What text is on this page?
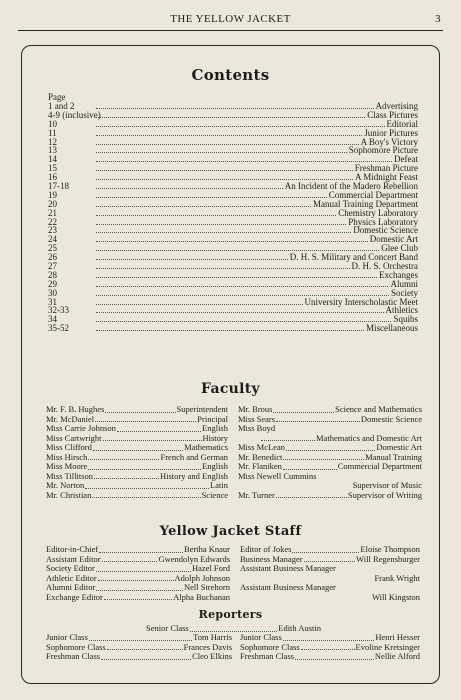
THE YELLOW JACKET	3
Contents
Page
1 and 2	Advertising
4-9 (inclusive)	Class Pictures
10	Editorial
11	Junior Pictures
12	A Boy's Victory
13	Sophomore Picture
14	Defeat
15	Freshman Picture
16	A Midnight Feast
17-18	An Incident of the Madero Rebellion
19	Commercial Department
20	Manual Training Department
21	Chemistry Laboratory
22	Physics Laboratory
23	Domestic Science
24	Domestic Art
25	Glee Club
26	D. H. S. Military and Concert Band
27	D. H. S. Orchestra
28	Exchanges
29	Alumni
30	Society
31	University Interscholastic Meet
32-33	Athletics
34	Squibs
35-52	Miscellaneous
Faculty
Mr. F. B. Hughes	Superintendent
Mr. McDaniel	Principal
Miss Carrie Johnson	English
Miss Cartwright	History
Miss Clifford	Mathematics
Miss Hirsch	French and German
Miss Moore	English
Miss Tillitson	History and English
Mr. Norton	Latin
Mr. Christian	Science
Mr. Brous	Science and Mathematics
Miss Sears	Domestic Science
Miss Boyd
Mathematics and Domestic Art
Miss McLean	Domestic Art
Mr. Benedict	Manual Training
Mr. Flaniken	Commercial Department
Miss Newell Cummins
Supervisor of Music
Mr. Turner	Supervisor of Writing
Yellow Jacket Staff
Editor-in-Chief	Bertha Knaur
Assistant Editor	Gwendolyn Edwards
Society Editor	Hazel Ford
Athletic Editor	Adolph Johnson
Alumni Editor	Nell Strehorn
Exchange Editor	Alpha Buchanan
Editor of Jokes	Eloise Thompson
Business Manager	Will Regensburger
Assistant Business Manager
Frank Wright
Assistant Business Manager
Will Kingston
Reporters
Senior Class	Edith Austin
Junior Class	Tom Harris
Sophomore Class	Frances Davis
Freshman Class	Cleo Elkins
Junior Class	Henri Hesser
Sophomore Class	Evoline Kretsinger
Freshman Class	Nellie Alford
